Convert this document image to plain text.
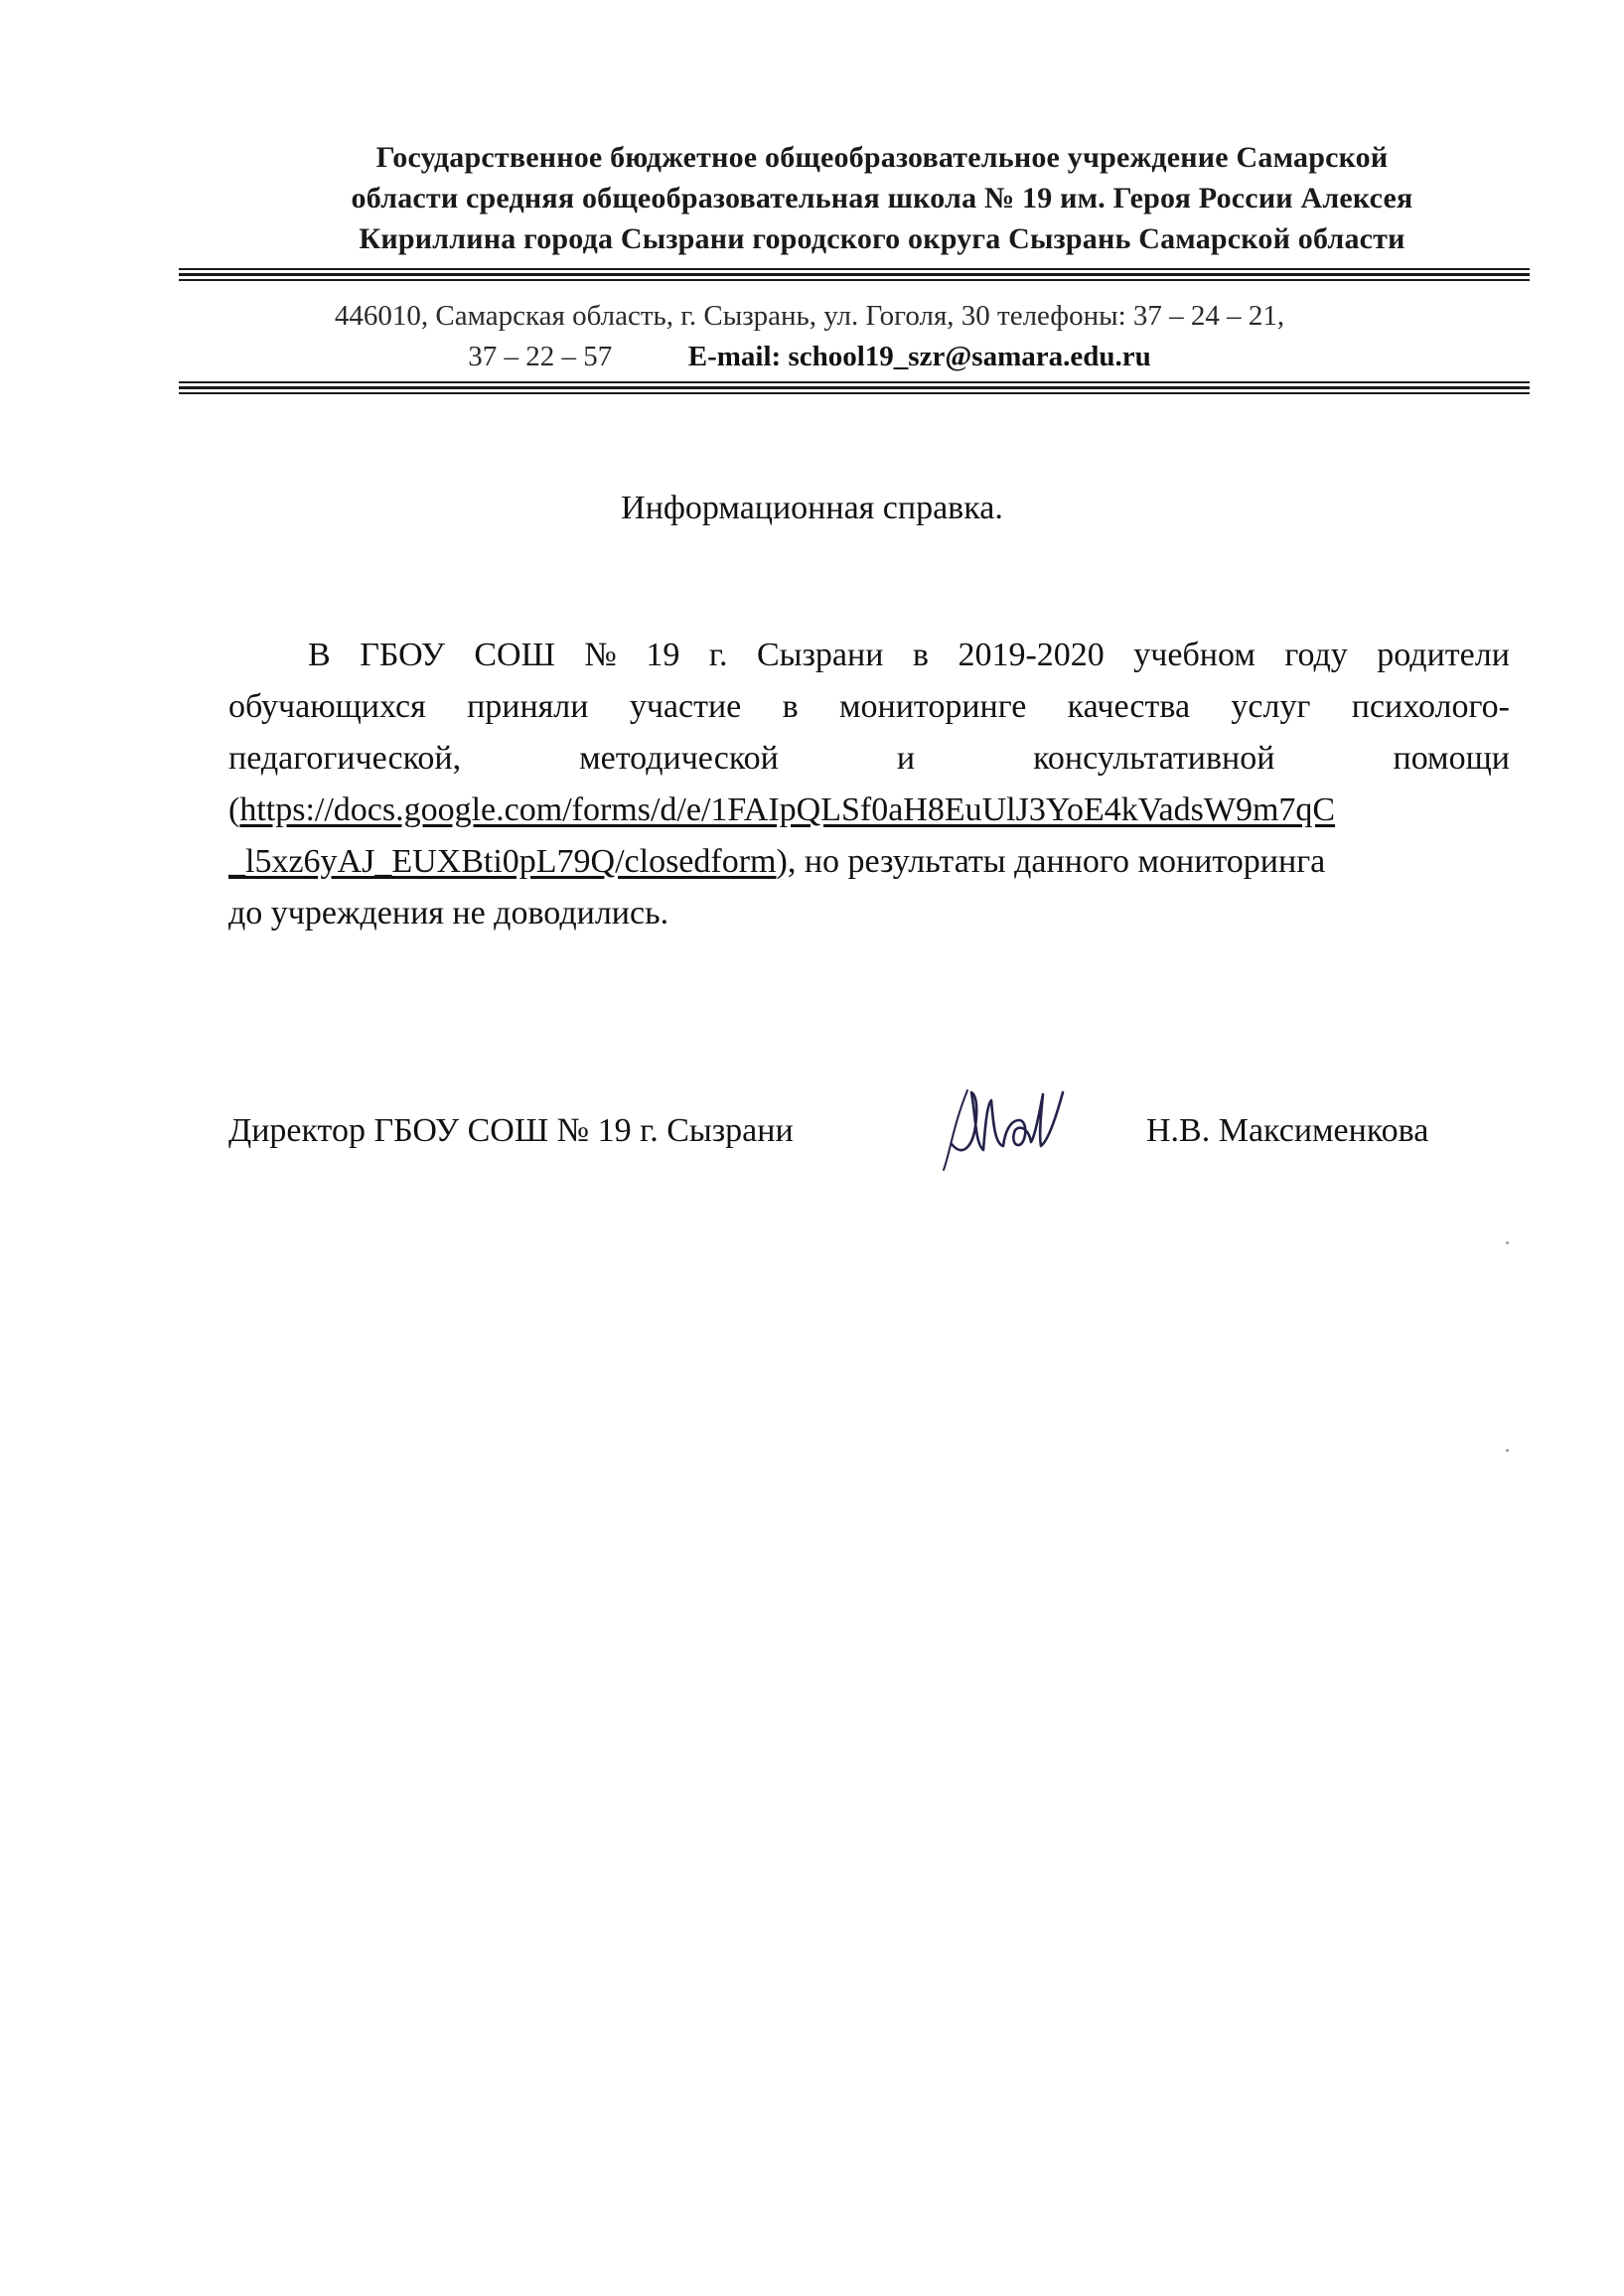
Государственное бюджетное общеобразовательное учреждение Самарской
области средняя общеобразовательная школа № 19 им. Героя России Алексея
Кириллина города Сызрани городского округа Сызрань Самарской области
446010, Самарская область, г. Сызрань, ул. Гоголя, 30 телефоны: 37 – 24 – 21,
37 – 22 – 57	E-mail: school19_szr@samara.edu.ru
Информационная справка.
В ГБОУ СОШ № 19 г. Сызрани в 2019-2020 учебном году родители
обучающихся приняли участие в мониторинге качества услуг психолого-
педагогической,	методической	и	консультативной	помощи
(https://docs.google.com/forms/d/e/1FAIpQLSf0aH8EuUlJ3YoE4kVadsW9m7qC
_l5xz6yAJ_EUXBti0pL79Q/closedform), но результаты данного мониторинга
до учреждения не доводились.
Директор ГБОУ СОШ № 19 г. Сызрани	Н.В. Максименкова
